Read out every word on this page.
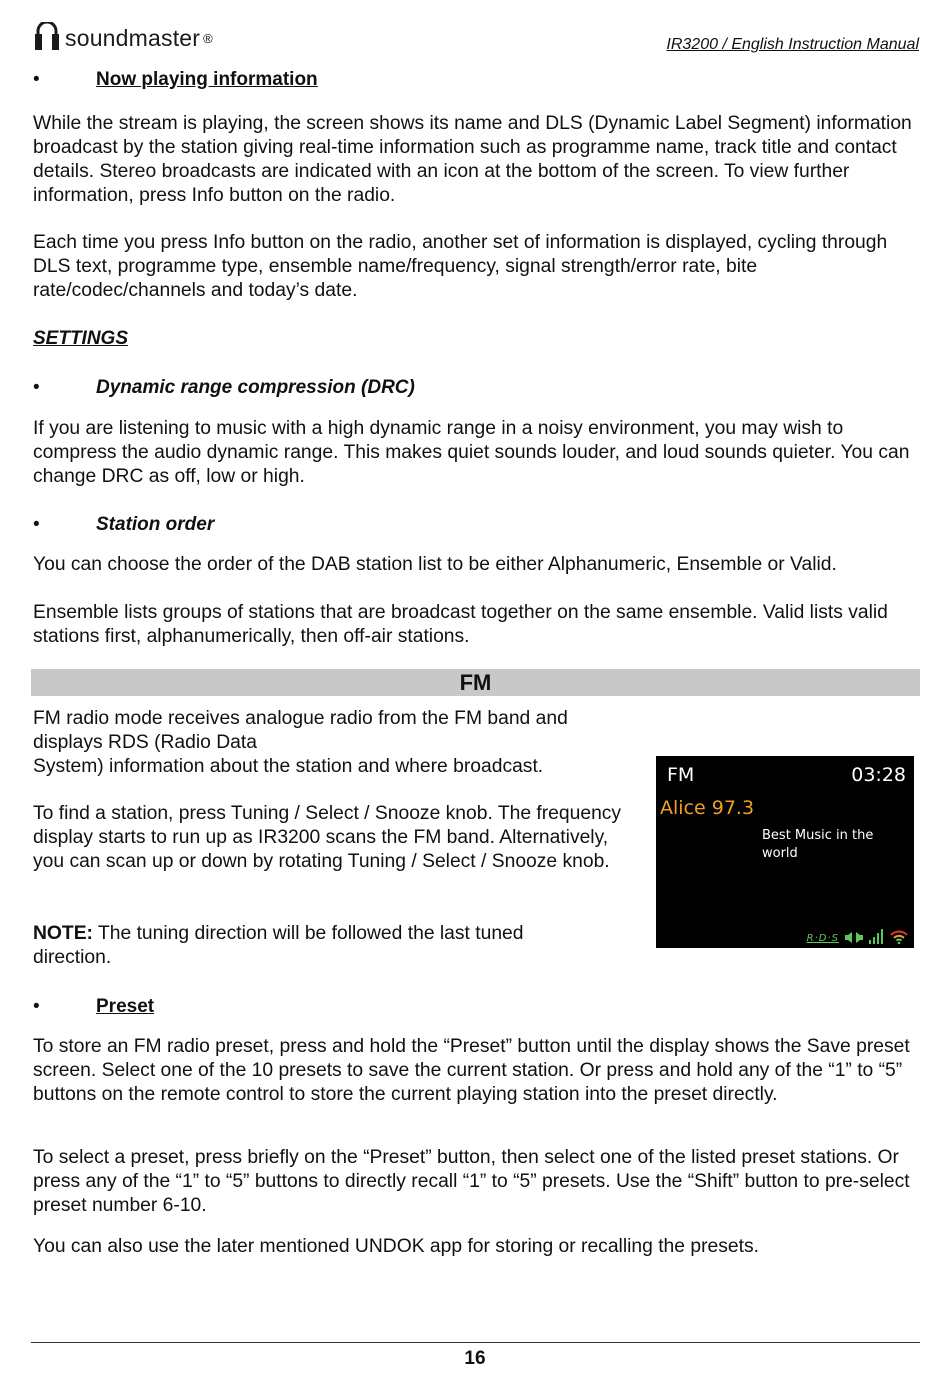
soundmaster ®	IR3200 / English Instruction Manual
•	Now playing information

While the stream is playing, the screen shows its name and DLS (Dynamic Label Segment) information broadcast by the station giving real-time information such as programme name, track title and contact details. Stereo broadcasts are indicated with an icon at the bottom of the screen. To view further information, press Info button on the radio.

Each time you press Info button on the radio, another set of information is displayed, cycling through DLS text, programme type, ensemble name/frequency, signal strength/error rate, bite rate/codec/channels and today’s date.

SETTINGS
•	Dynamic range compression (DRC)

If you are listening to music with a high dynamic range in a noisy environment, you may wish to compress the audio dynamic range. This makes quiet sounds louder, and loud sounds quieter. You can change DRC as off, low or high.

•	Station order

You can choose the order of the DAB station list to be either Alphanumeric, Ensemble or Valid.

Ensemble lists groups of stations that are broadcast together on the same ensemble. Valid lists valid stations first, alphanumerically, then off-air stations.

FM
FM radio mode receives analogue radio from the FM band and
displays RDS (Radio Data
System) information about the station and where broadcast.

To find a station, press Tuning / Select / Snooze knob. The frequency display starts to run up as IR3200 scans the FM band. Alternatively, you can scan up or down by rotating Tuning / Select / Snooze knob.

NOTE: The tuning direction will be followed the last tuned direction.

FM	03:28
Alice 97.3
Best Music in the world
R·D·S
•	Preset

To store an FM radio preset, press and hold the “Preset” button until the display shows the Save preset screen. Select one of the 10 presets to save the current station. Or press and hold any of the “1” to “5” buttons on the remote control to store the current playing station into the preset directly.

To select a preset, press briefly on the “Preset” button, then select one of the listed preset stations. Or press any of the “1” to “5” buttons to directly recall “1” to “5” presets. Use the “Shift” button to pre-select preset number 6-10.

You can also use the later mentioned UNDOK app for storing or recalling the presets.

16
